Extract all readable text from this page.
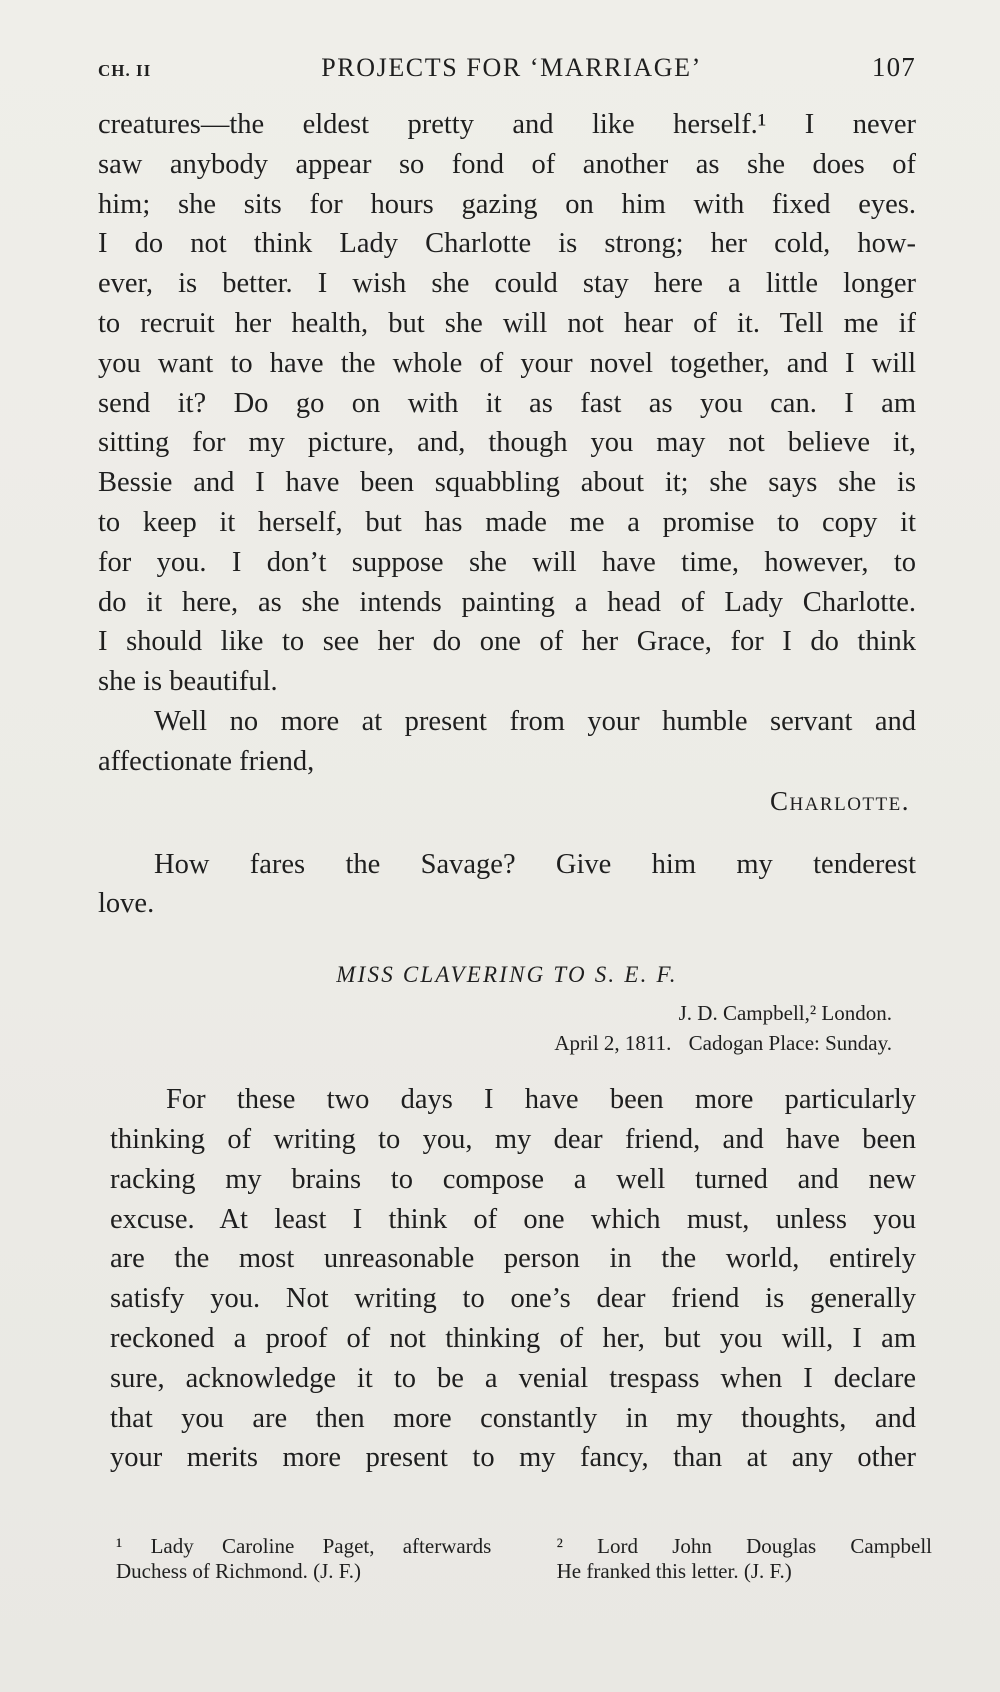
CH. II	PROJECTS FOR ‘MARRIAGE’	107
creatures—the eldest pretty and like herself.¹ I never
saw anybody appear so fond of another as she does of
him; she sits for hours gazing on him with fixed eyes.
I do not think Lady Charlotte is strong; her cold, how-
ever, is better. I wish she could stay here a little longer
to recruit her health, but she will not hear of it. Tell me if
you want to have the whole of your novel together, and I will
send it? Do go on with it as fast as you can. I am
sitting for my picture, and, though you may not believe it,
Bessie and I have been squabbling about it; she says she is
to keep it herself, but has made me a promise to copy it
for you. I don’t suppose she will have time, however, to
do it here, as she intends painting a head of Lady Charlotte.
I should like to see her do one of her Grace, for I do think
she is beautiful.
Well no more at present from your humble servant and
affectionate friend,
Charlotte.
How fares the Savage? Give him my tenderest
love.
MISS CLAVERING TO S. E. F.
J. D. Campbell,² London.
April 2, 1811. Cadogan Place: Sunday.
For these two days I have been more particularly
thinking of writing to you, my dear friend, and have been
racking my brains to compose a well turned and new
excuse. At least I think of one which must, unless you
are the most unreasonable person in the world, entirely
satisfy you. Not writing to one’s dear friend is generally
reckoned a proof of not thinking of her, but you will, I am
sure, acknowledge it to be a venial trespass when I declare
that you are then more constantly in my thoughts, and
your merits more present to my fancy, than at any other
¹ Lady Caroline Paget, afterwards
Duchess of Richmond. (J. F.)
² Lord John Douglas Campbell
He franked this letter. (J. F.)
